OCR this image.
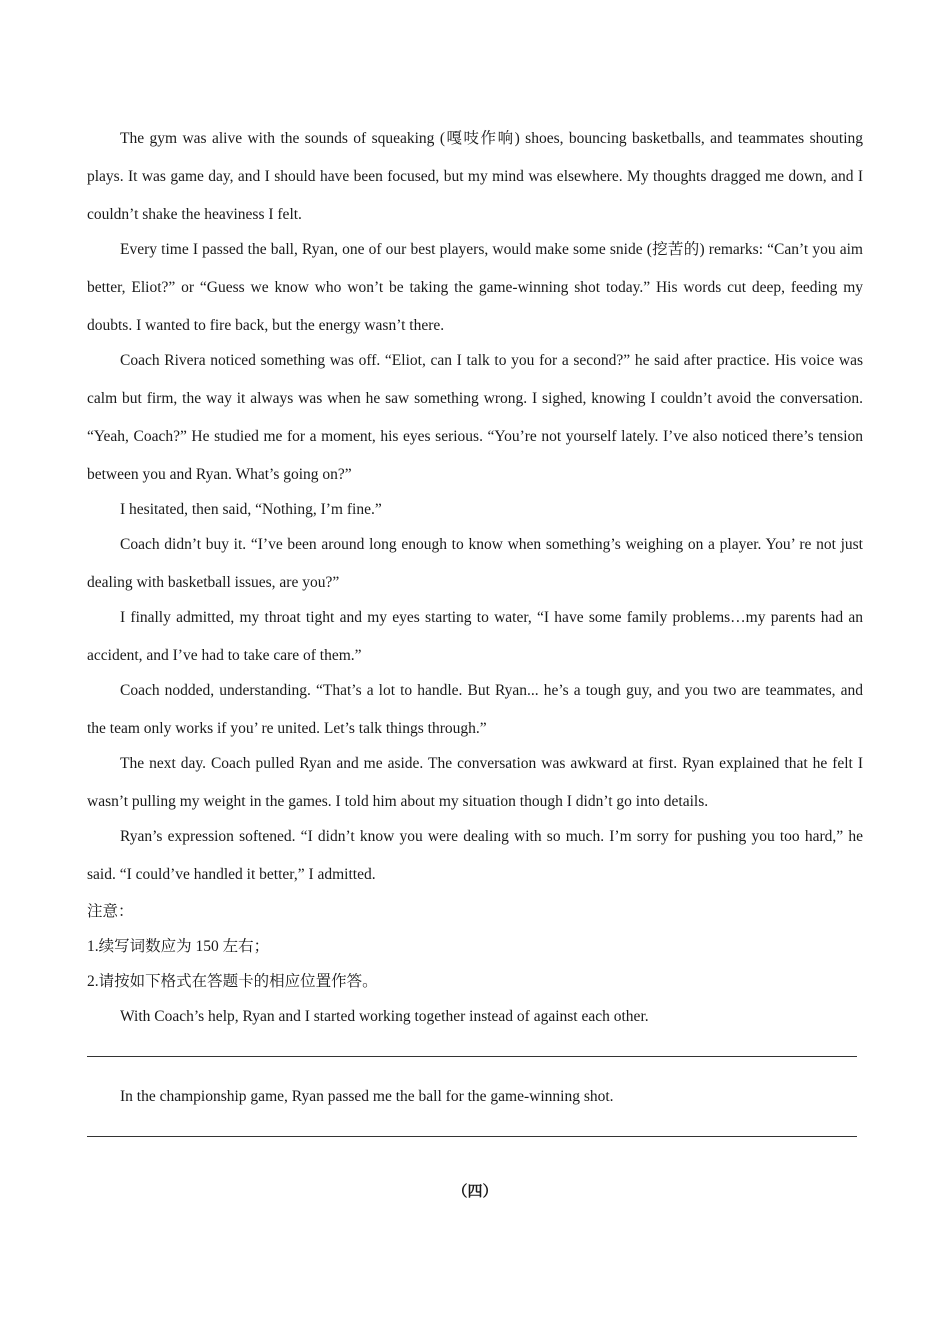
The gym was alive with the sounds of squeaking (嘎吱作响) shoes, bouncing basketballs, and teammates shouting plays. It was game day, and I should have been focused, but my mind was elsewhere. My thoughts dragged me down, and I couldn’t shake the heaviness I felt.

Every time I passed the ball, Ryan, one of our best players, would make some snide (挖苦的) remarks: “Can’t you aim better, Eliot?” or “Guess we know who won’t be taking the game-winning shot today.” His words cut deep, feeding my doubts. I wanted to fire back, but the energy wasn’t there.

Coach Rivera noticed something was off. “Eliot, can I talk to you for a second?” he said after practice. His voice was calm but firm, the way it always was when he saw something wrong. I sighed, knowing I couldn’t avoid the conversation. “Yeah, Coach?” He studied me for a moment, his eyes serious. “You’re not yourself lately. I’ve also noticed there’s tension between you and Ryan. What’s going on?”

I hesitated, then said, “Nothing, I’m fine.”

Coach didn’t buy it. “I’ve been around long enough to know when something’s weighing on a player. You’ re not just dealing with basketball issues, are you?”

I finally admitted, my throat tight and my eyes starting to water, “I have some family problems…my parents had an accident, and I’ve had to take care of them.”

Coach nodded, understanding. “That’s a lot to handle. But Ryan... he’s a tough guy, and you two are teammates, and the team only works if you’ re united. Let’s talk things through.”

The next day. Coach pulled Ryan and me aside. The conversation was awkward at first. Ryan explained that he felt I wasn’t pulling my weight in the games. I told him about my situation though I didn’t go into details.

Ryan’s expression softened. “I didn’t know you were dealing with so much. I’m sorry for pushing you too hard,” he said. “I could’ve handled it better,” I admitted.

注意：

1.续写词数应为 150 左右；

2.请按如下格式在答题卡的相应位置作答。

With Coach’s help, Ryan and I started working together instead of against each other.

In the championship game, Ryan passed me the ball for the game-winning shot.

（四）
